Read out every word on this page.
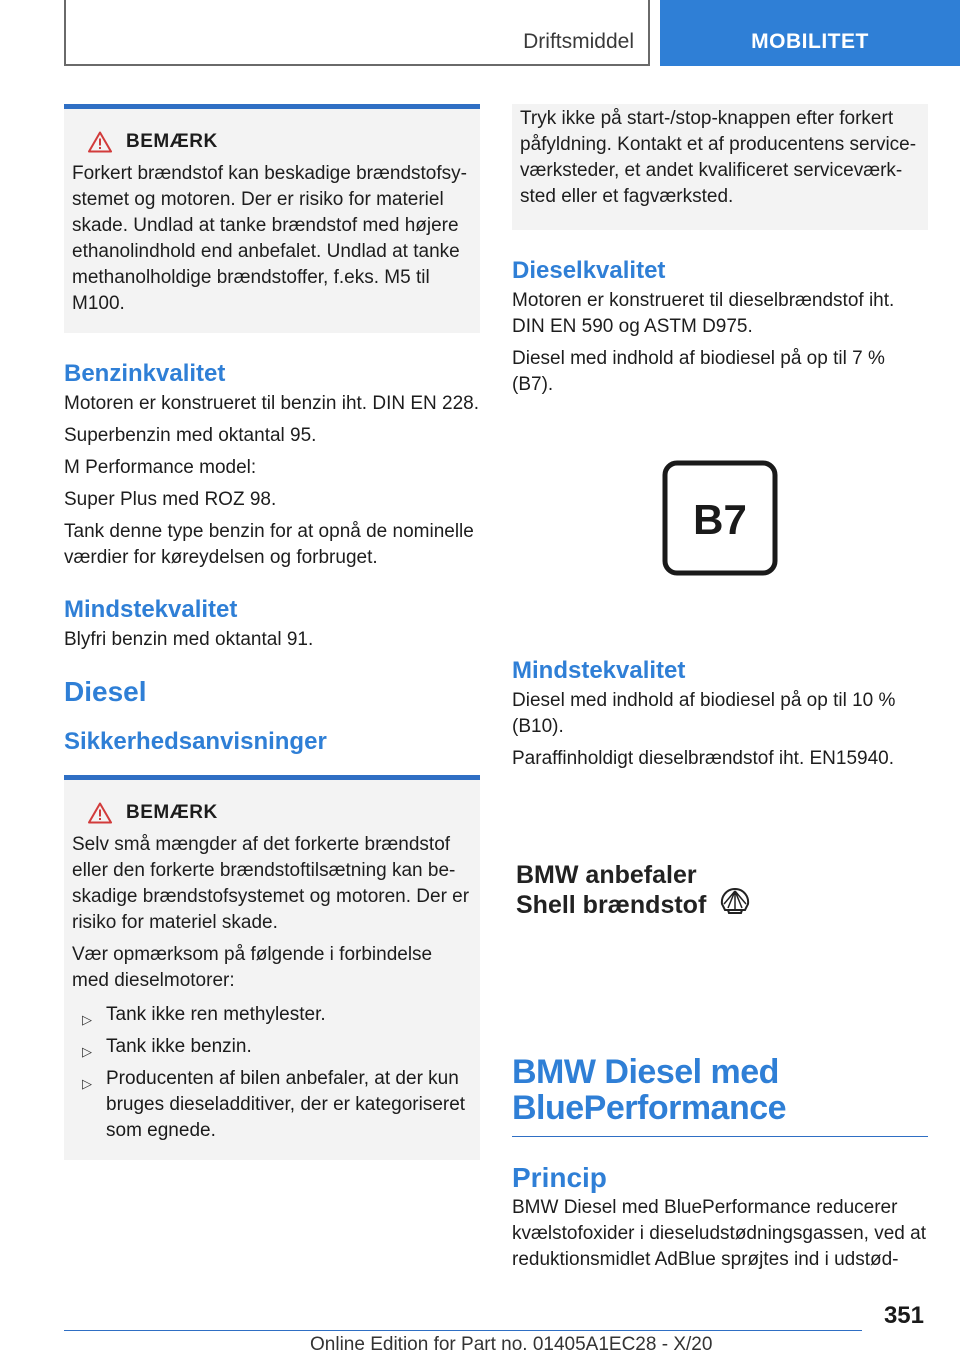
Driftsmiddel	MOBILITET
BEMÆRK

Forkert brændstof kan beskadige brændstofsy-stemet og motoren. Der er risiko for materiel skade. Undlad at tanke brændstof med højere ethanolindhold end anbefalet. Undlad at tanke methanolholdige brændstoffer, f.eks. M5 til M100.

Benzinkvalitet

Motoren er konstrueret til benzin iht. DIN EN 228.

Superbenzin med oktantal 95.

M Performance model:

Super Plus med ROZ 98.

Tank denne type benzin for at opnå de nominelle værdier for køreydelsen og forbruget.

Mindstekvalitet

Blyfri benzin med oktantal 91.

Diesel
Sikkerhedsanvisninger
BEMÆRK

Selv små mængder af det forkerte brændstof eller den forkerte brændstoftilsætning kan be-skadige brændstofsystemet og motoren. Der er risiko for materiel skade.

Vær opmærksom på følgende i forbindelse med dieselmotorer:

▷ Tank ikke ren methylester.
▷ Tank ikke benzin.
▷ Producenten af bilen anbefaler, at der kun bruges dieseladditiver, der er kategoriseret som egnede.

Tryk ikke på start-/stop-knappen efter forkert påfyldning. Kontakt et af producentens service-værksteder, et andet kvalificeret serviceværk-sted eller et fagværksted.

Dieselkvalitet

Motoren er konstrueret til dieselbrændstof iht. DIN EN 590 og ASTM D975.

Diesel med indhold af biodiesel på op til 7 % (B7).

B7
Mindstekvalitet

Diesel med indhold af biodiesel på op til 10 % (B10).

Paraffinholdigt dieselbrændstof iht. EN15940.

BMW anbefaler
Shell brændstof
BMW Diesel med
BluePerformance
Princip

BMW Diesel med BluePerformance reducerer kvælstofoxider i dieseludstødningsgassen, ved at reduktionsmidlet AdBlue sprøjtes ind i udstød-

351
Online Edition for Part no. 01405A1EC28 - X/20
